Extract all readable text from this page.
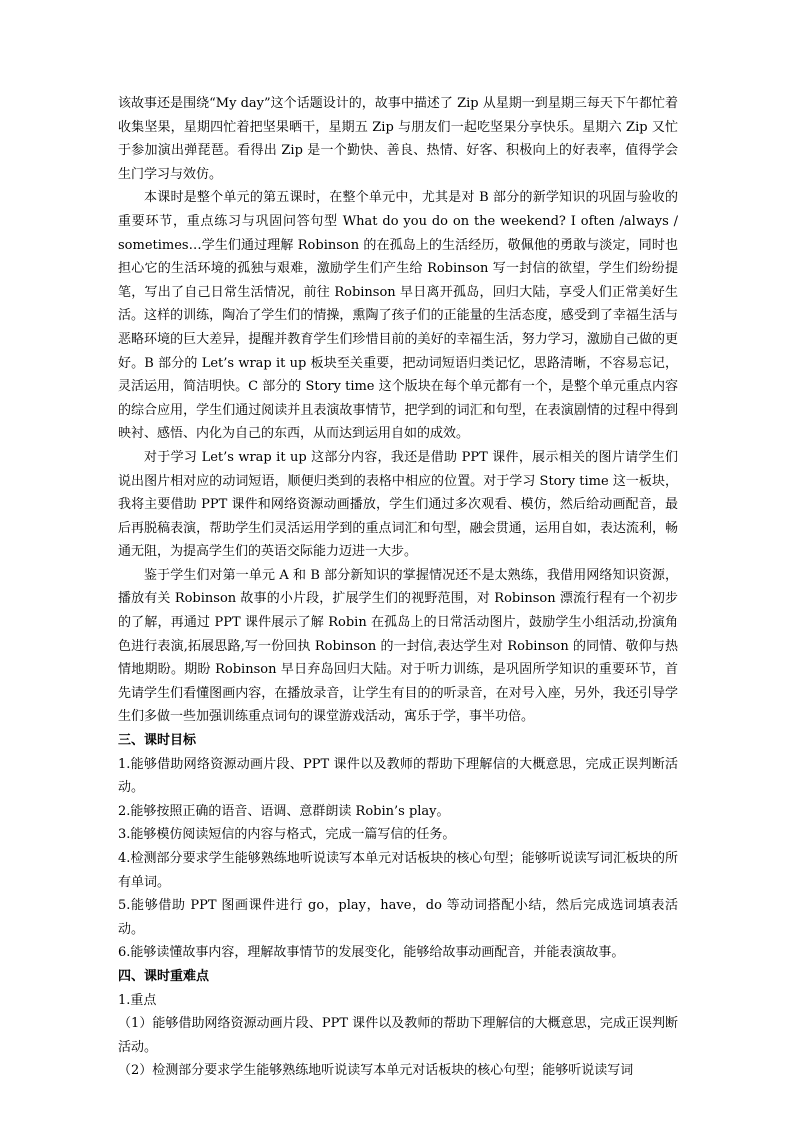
该故事还是围绕“My day”这个话题设计的，故事中描述了 Zip 从星期一到星期三每天下午都忙着收集坚果，星期四忙着把坚果晒干，星期五 Zip 与朋友们一起吃坚果分享快乐。星期六 Zip 又忙于参加演出弹琵琶。看得出 Zip 是一个勤快、善良、热情、好客、积极向上的好表率，值得学会生门学习与效仿。

本课时是整个单元的第五课时，在整个单元中，尤其是对 B 部分的新学知识的巩固与验收的重要环节，重点练习与巩固问答句型 What do you do on the weekend? I often /always / sometimes…学生们通过理解 Robinson 的在孤岛上的生活经历，敬佩他的勇敢与淡定，同时也担心它的生活环境的孤独与艰难，激励学生们产生给 Robinson 写一封信的欲望，学生们纷纷提笔，写出了自己日常生活情况，前往 Robinson 早日离开孤岛，回归大陆，享受人们正常美好生活。这样的训练，陶冶了学生们的情操，熏陶了孩子们的正能量的生活态度，感受到了幸福生活与恶略环境的巨大差异，提醒并教育学生们珍惜目前的美好的幸福生活，努力学习，激励自己做的更好。B 部分的 Let’s wrap it up 板块至关重要，把动词短语归类记忆，思路清晰，不容易忘记，灵活运用，简洁明快。C 部分的 Story time 这个版块在每个单元都有一个，是整个单元重点内容的综合应用，学生们通过阅读并且表演故事情节，把学到的词汇和句型，在表演剧情的过程中得到映衬、感悟、内化为自己的东西，从而达到运用自如的成效。

对于学习 Let’s wrap it up 这部分内容，我还是借助 PPT 课件，展示相关的图片请学生们说出图片相对应的动词短语，顺便归类到的表格中相应的位置。对于学习 Story time 这一板块，我将主要借助 PPT 课件和网络资源动画播放，学生们通过多次观看、模仿，然后给动画配音，最后再脱稿表演，帮助学生们灵活运用学到的重点词汇和句型，融会贯通，运用自如，表达流利，畅通无阻，为提高学生们的英语交际能力迈进一大步。

鉴于学生们对第一单元 A 和 B 部分新知识的掌握情况还不是太熟练，我借用网络知识资源，播放有关 Robinson 故事的小片段，扩展学生们的视野范围，对 Robinson 漂流行程有一个初步的了解，再通过 PPT 课件展示了解 Robin 在孤岛上的日常活动图片，鼓励学生小组活动,扮演角色进行表演,拓展思路,写一份回执 Robinson 的一封信,表达学生对 Robinson 的同情、敬仰与热情地期盼。期盼 Robinson 早日弃岛回归大陆。对于听力训练，是巩固所学知识的重要环节，首先请学生们看懂图画内容，在播放录音，让学生有目的的听录音，在对号入座，另外，我还引导学生们多做一些加强训练重点词句的课堂游戏活动，寓乐于学，事半功倍。

三、课时目标

1.能够借助网络资源动画片段、PPT 课件以及教师的帮助下理解信的大概意思，完成正误判断活动。

2.能够按照正确的语音、语调、意群朗读 Robin’s play。

3.能够模仿阅读短信的内容与格式，完成一篇写信的任务。

4.检测部分要求学生能够熟练地听说读写本单元对话板块的核心句型；能够听说读写词汇板块的所有单词。

5.能够借助 PPT 图画课件进行 go，play，have，do 等动词搭配小结，然后完成选词填表活动。

6.能够读懂故事内容，理解故事情节的发展变化，能够给故事动画配音，并能表演故事。

四、课时重难点

1.重点

（1）能够借助网络资源动画片段、PPT 课件以及教师的帮助下理解信的大概意思，完成正误判断活动。

（2）检测部分要求学生能够熟练地听说读写本单元对话板块的核心句型；能够听说读写词
